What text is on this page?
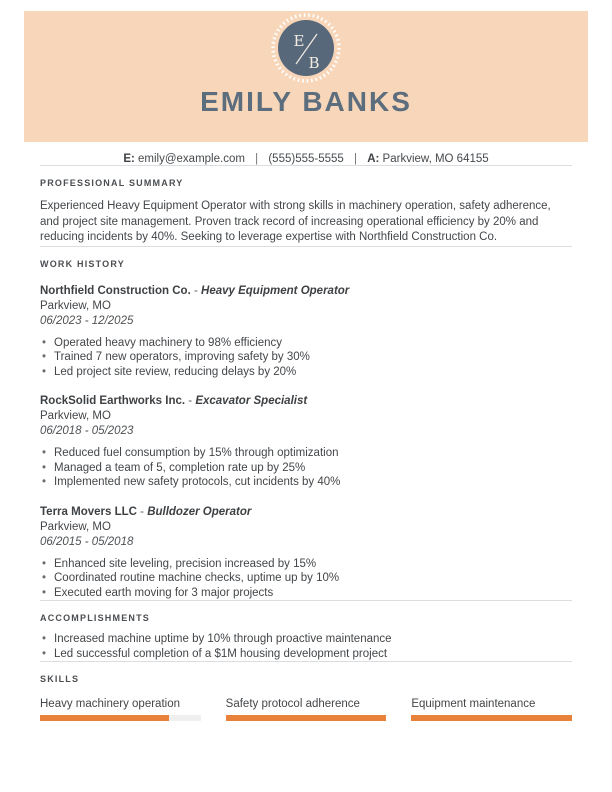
E
B
EMILY BANKS
E: emily@example.com | (555)555-5555 | A: Parkview, MO 64155
PROFESSIONAL SUMMARY

Experienced Heavy Equipment Operator with strong skills in machinery operation, safety adherence, and project site management. Proven track record of increasing operational efficiency by 20% and reducing incidents by 40%. Seeking to leverage expertise with Northfield Construction Co.

WORK HISTORY
Northfield Construction Co. - Heavy Equipment Operator
Parkview, MO
06/2023 - 12/2025
• Operated heavy machinery to 98% efficiency
• Trained 7 new operators, improving safety by 30%
• Led project site review, reducing delays by 20%
RockSolid Earthworks Inc. - Excavator Specialist
Parkview, MO
06/2018 - 05/2023
• Reduced fuel consumption by 15% through optimization
• Managed a team of 5, completion rate up by 25%
• Implemented new safety protocols, cut incidents by 40%
Terra Movers LLC - Bulldozer Operator
Parkview, MO
06/2015 - 05/2018
• Enhanced site leveling, precision increased by 15%
• Coordinated routine machine checks, uptime up by 10%
• Executed earth moving for 3 major projects
ACCOMPLISHMENTS
• Increased machine uptime by 10% through proactive maintenance
• Led successful completion of a $1M housing development project
SKILLS
Heavy machinery operation	Safety protocol adherence	Equipment maintenance
